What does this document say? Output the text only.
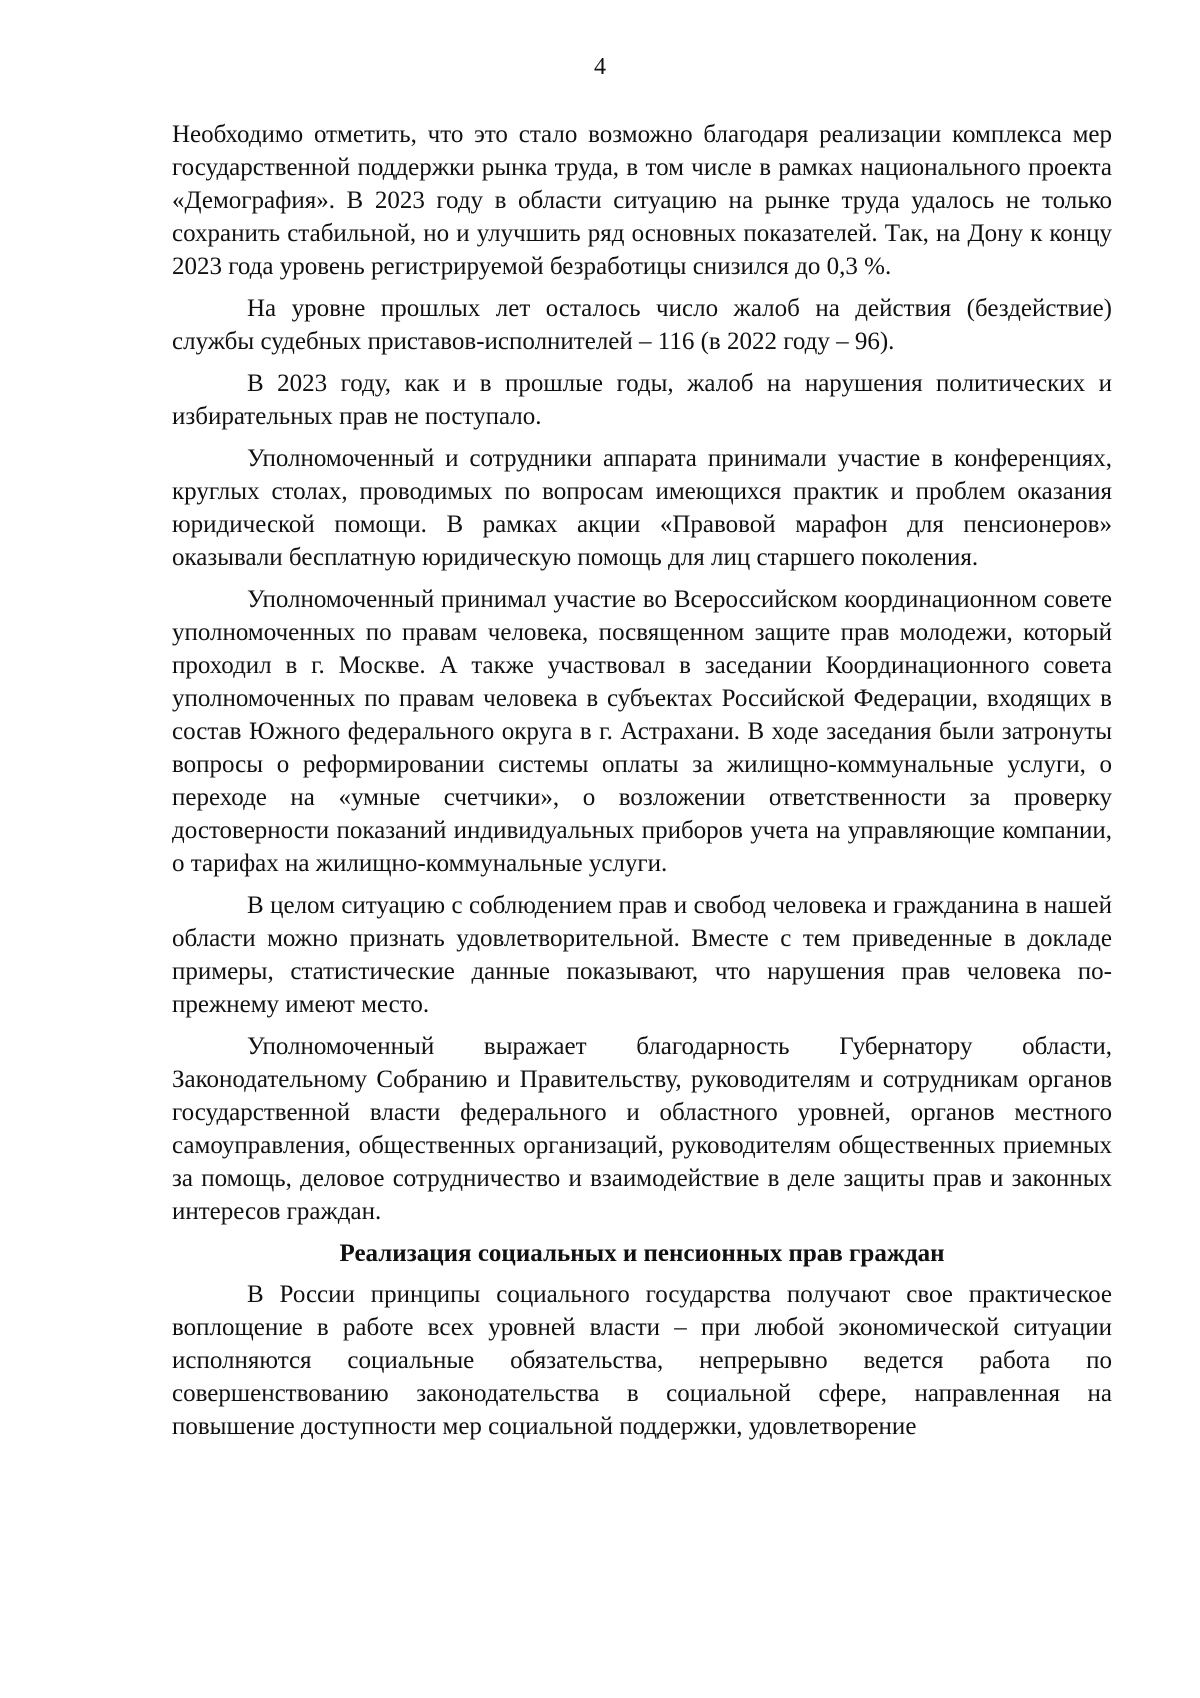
4

Необходимо отметить, что это стало возможно благодаря реализации комплекса мер государственной поддержки рынка труда, в том числе в рамках национального проекта «Демография». В 2023 году в области ситуацию на рынке труда удалось не только сохранить стабильной, но и улучшить ряд основных показателей. Так, на Дону к концу 2023 года уровень регистрируемой безработицы снизился до 0,3 %.

На уровне прошлых лет осталось число жалоб на действия (бездействие) службы судебных приставов-исполнителей – 116 (в 2022 году – 96).

В 2023 году, как и в прошлые годы, жалоб на нарушения политических и избирательных прав не поступало.

Уполномоченный и сотрудники аппарата принимали участие в конференциях, круглых столах, проводимых по вопросам имеющихся практик и проблем оказания юридической помощи. В рамках акции «Правовой марафон для пенсионеров» оказывали бесплатную юридическую помощь для лиц старшего поколения.

Уполномоченный принимал участие во Всероссийском координационном совете уполномоченных по правам человека, посвященном защите прав молодежи, который проходил в г. Москве. А также участвовал в заседании Координационного совета уполномоченных по правам человека в субъектах Российской Федерации, входящих в состав Южного федерального округа в г. Астрахани. В ходе заседания были затронуты вопросы о реформировании системы оплаты за жилищно-коммунальные услуги, о переходе на «умные счетчики», о возложении ответственности за проверку достоверности показаний индивидуальных приборов учета на управляющие компании, о тарифах на жилищно-коммунальные услуги.

В целом ситуацию с соблюдением прав и свобод человека и гражданина в нашей области можно признать удовлетворительной. Вместе с тем приведенные в докладе примеры, статистические данные показывают, что нарушения прав человека по-прежнему имеют место.

Уполномоченный выражает благодарность Губернатору области, Законодательному Собранию и Правительству, руководителям и сотрудникам органов государственной власти федерального и областного уровней, органов местного самоуправления, общественных организаций, руководителям общественных приемных за помощь, деловое сотрудничество и взаимодействие в деле защиты прав и законных интересов граждан.

Реализация социальных и пенсионных прав граждан

В России принципы социального государства получают свое практическое воплощение в работе всех уровней власти – при любой экономической ситуации исполняются социальные обязательства, непрерывно ведется работа по совершенствованию законодательства в социальной сфере, направленная на повышение доступности мер социальной поддержки, удовлетворение
